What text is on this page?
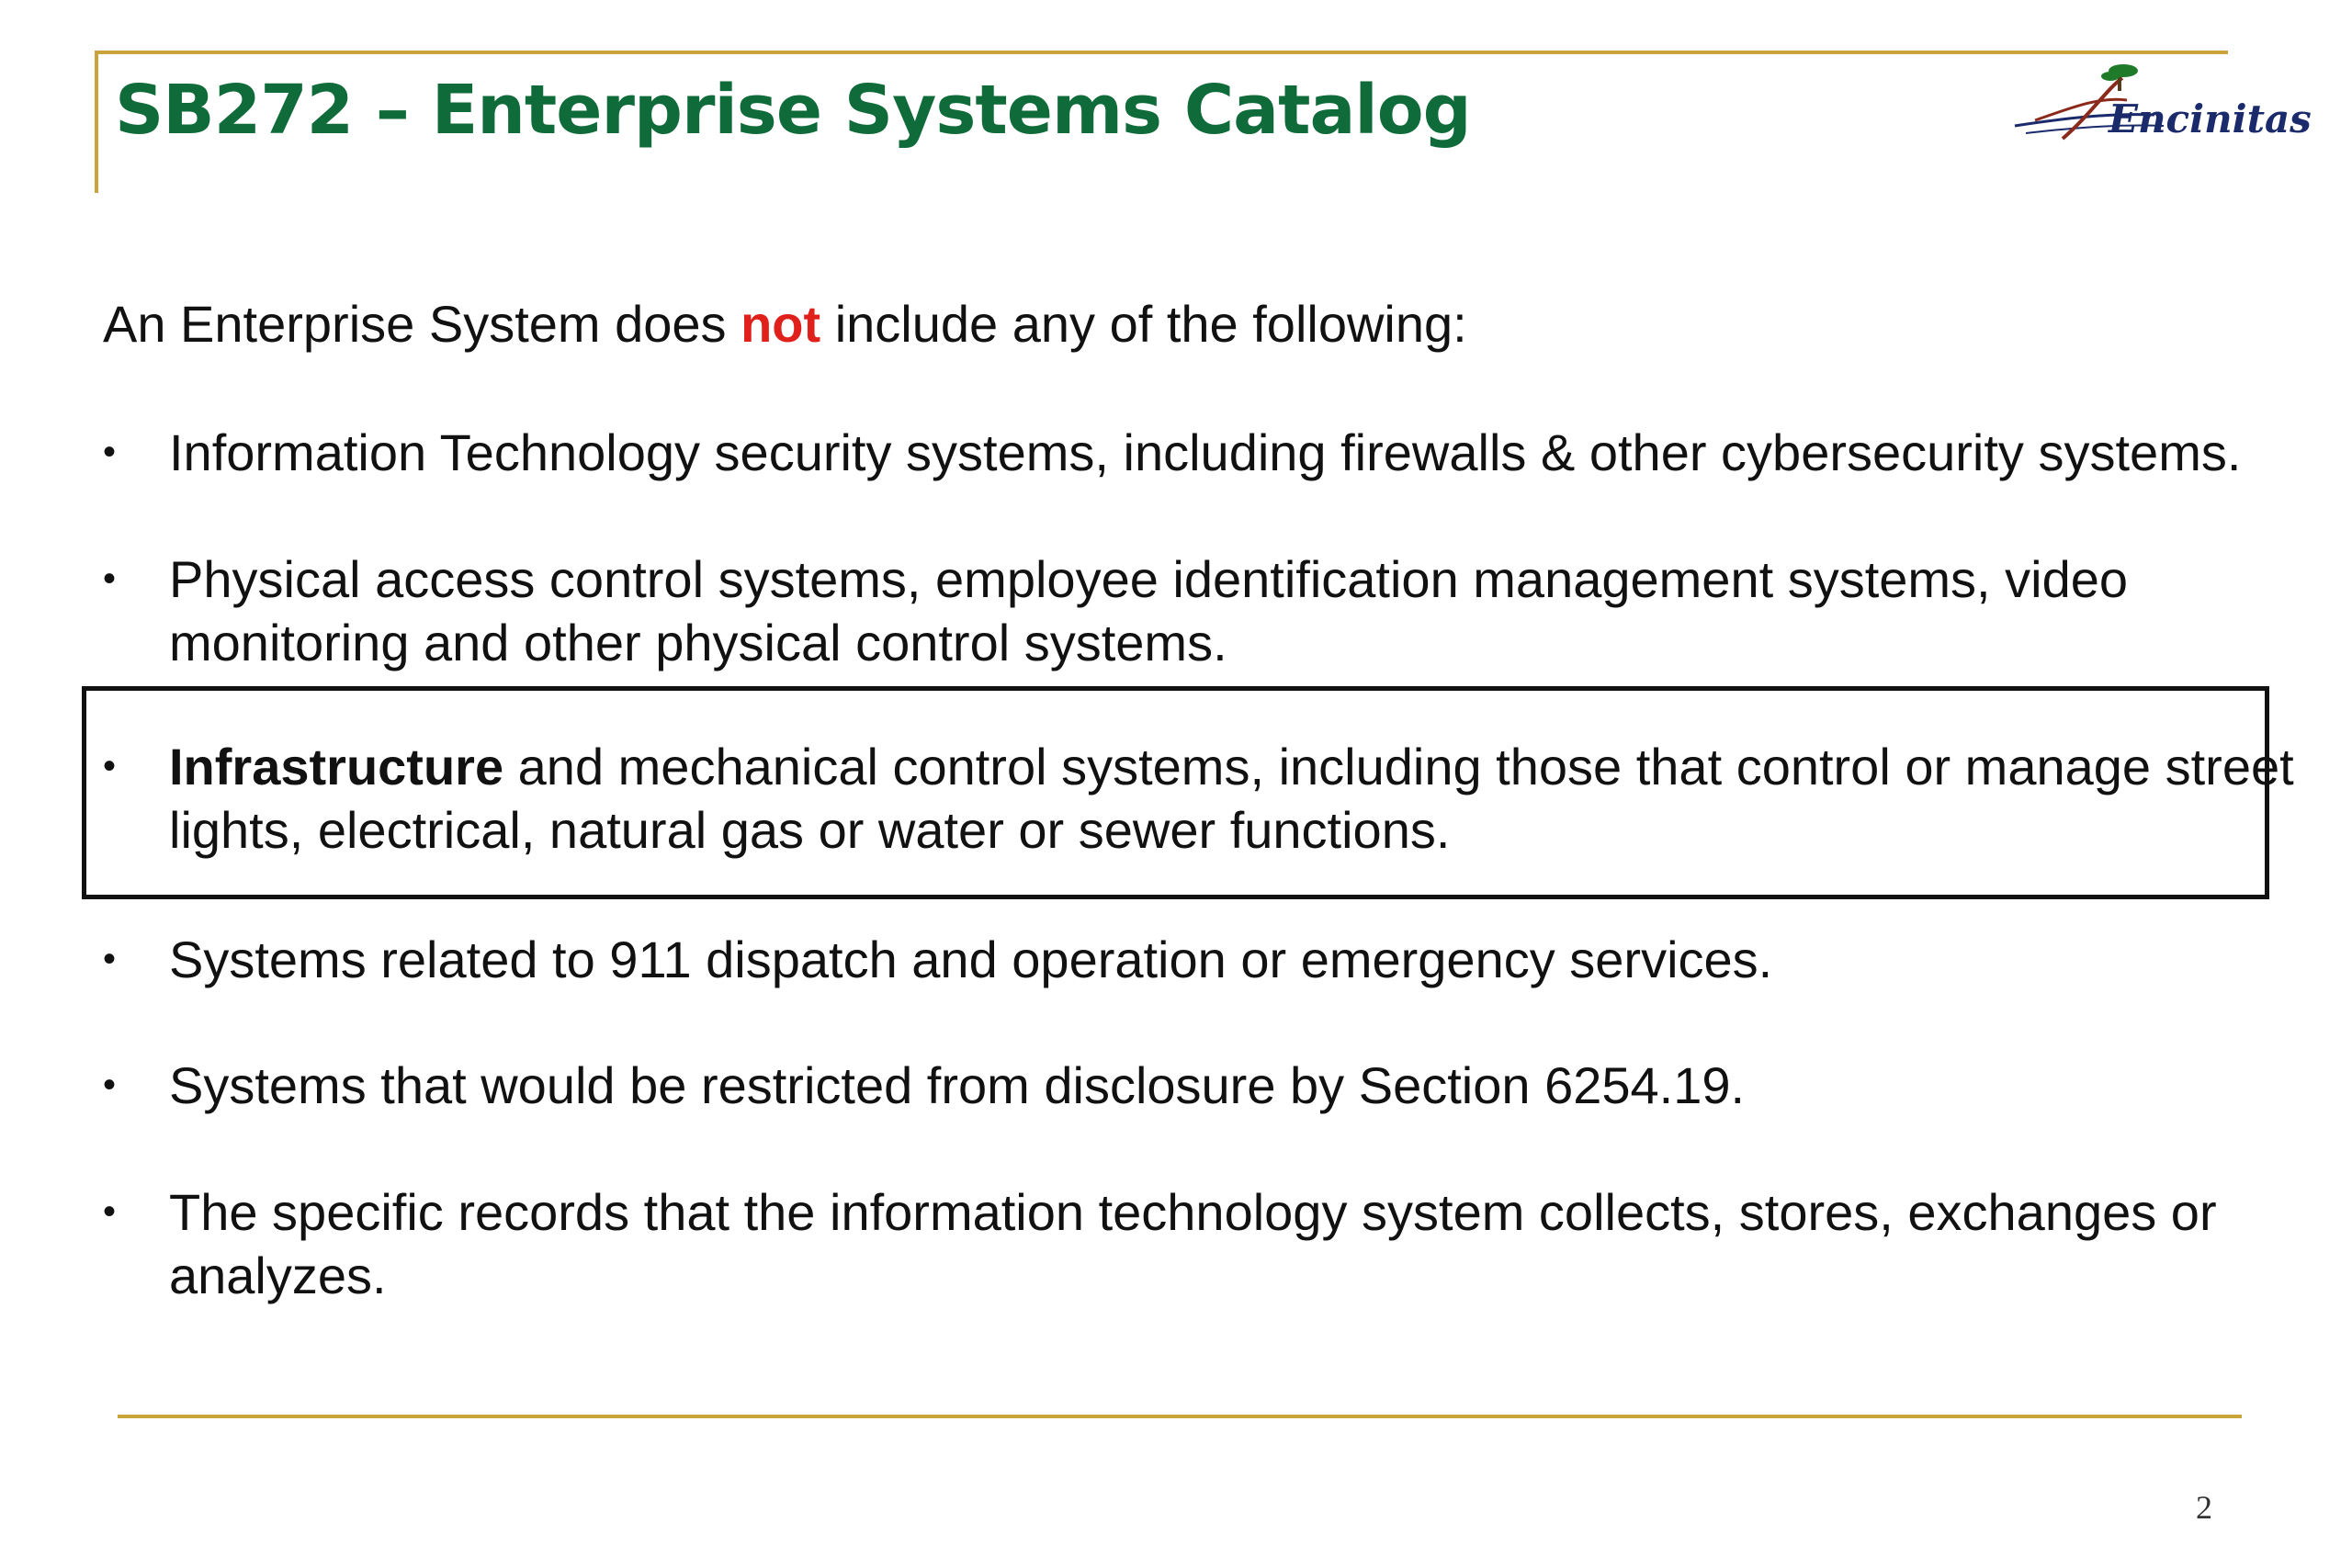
SB272 – Enterprise Systems Catalog	Encinitas

An Enterprise System does not include any of the following:

•	Information Technology security systems, including firewalls & other cybersecurity systems.
•	Physical access control systems, employee identification management systems, video monitoring and other physical control systems.
•	Infrastructure and mechanical control systems, including those that control or manage street lights, electrical, natural gas or water or sewer functions.
•	Systems related to 911 dispatch and operation or emergency services.
•	Systems that would be restricted from disclosure by Section 6254.19.
•	The specific records that the information technology system collects, stores, exchanges or analyzes.
2
